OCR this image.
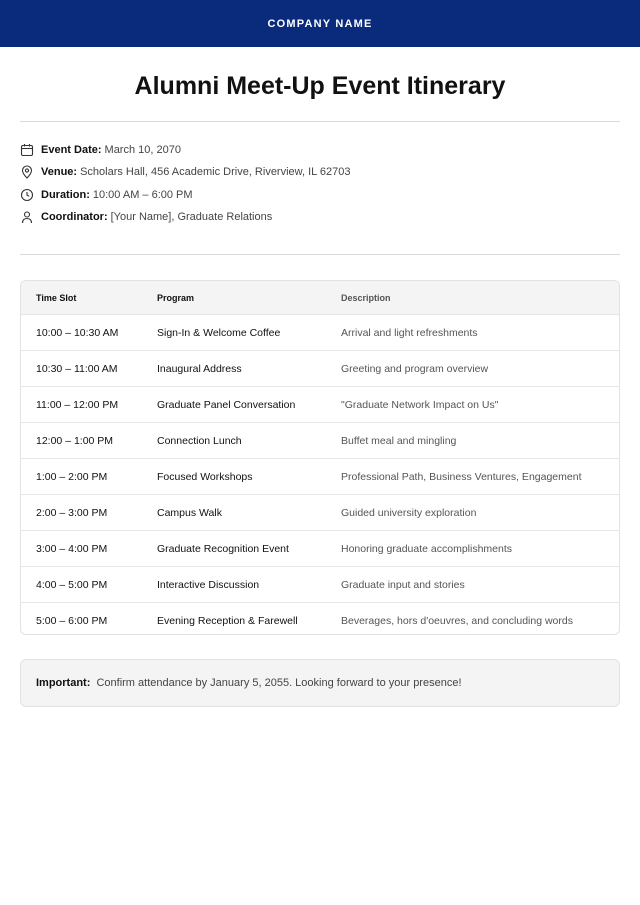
COMPANY NAME
Alumni Meet-Up Event Itinerary
Event Date: March 10, 2070
Venue: Scholars Hall, 456 Academic Drive, Riverview, IL 62703
Duration: 10:00 AM – 6:00 PM
Coordinator: [Your Name], Graduate Relations
Time Slot	Program	Description
10:00 – 10:30 AM	Sign-In & Welcome Coffee	Arrival and light refreshments
10:30 – 11:00 AM	Inaugural Address	Greeting and program overview
11:00 – 12:00 PM	Graduate Panel Conversation	"Graduate Network Impact on Us"
12:00 – 1:00 PM	Connection Lunch	Buffet meal and mingling
1:00 – 2:00 PM	Focused Workshops	Professional Path, Business Ventures, Engagement
2:00 – 3:00 PM	Campus Walk	Guided university exploration
3:00 – 4:00 PM	Graduate Recognition Event	Honoring graduate accomplishments
4:00 – 5:00 PM	Interactive Discussion	Graduate input and stories
5:00 – 6:00 PM	Evening Reception & Farewell	Beverages, hors d'oeuvres, and concluding words
Important: Confirm attendance by January 5, 2055. Looking forward to your presence!
